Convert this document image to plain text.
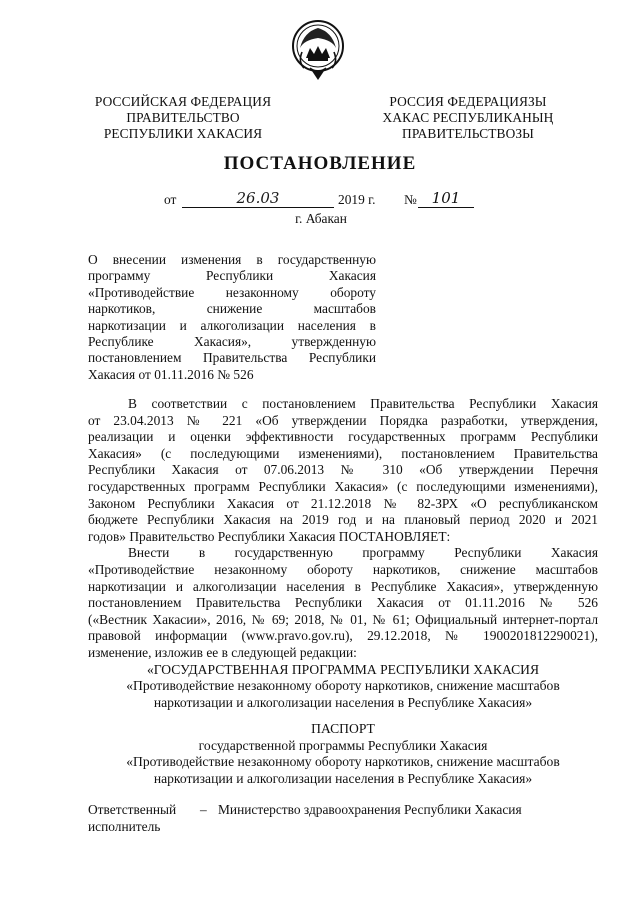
РОССИЙСКАЯ ФЕДЕРАЦИЯ
ПРАВИТЕЛЬСТВО
РЕСПУБЛИКИ ХАКАСИЯ
РОССИЯ ФЕДЕРАЦИЯЗЫ
ХАКАС РЕСПУБЛИКАНЫҢ
ПРАВИТЕЛЬСТВОЗЫ
ПОСТАНОВЛЕНИЕ
от	26.03	2019 г. № 101
г. Абакан
О внесении изменения в государственную
программу Республики Хакасия
«Противодействие незаконному обороту
наркотиков, снижение масштабов
наркотизации и алкоголизации населения в
Республике Хакасия», утвержденную
постановлением Правительства Республики
Хакасия от 01.11.2016 № 526
В соответствии с постановлением Правительства Республики Хакасия
от 23.04.2013 № 221 «Об утверждении Порядка разработки, утверждения,
реализации и оценки эффективности государственных программ Республики
Хакасия» (с последующими изменениями), постановлением Правительства
Республики Хакасия от 07.06.2013 № 310 «Об утверждении Перечня
государственных программ Республики Хакасия» (с последующими изменениями),
Законом Республики Хакасия от 21.12.2018 № 82-ЗРХ «О республиканском
бюджете Республики Хакасия на 2019 год и на плановый период 2020 и 2021
годов» Правительство Республики Хакасия ПОСТАНОВЛЯЕТ:
Внести в государственную программу Республики Хакасия
«Противодействие незаконному обороту наркотиков, снижение масштабов
наркотизации и алкоголизации населения в Республике Хакасия», утвержденную
постановлением Правительства Республики Хакасия от 01.11.2016 № 526
(«Вестник Хакасии», 2016, № 69; 2018, № 01, № 61; Официальный интернет-портал
правовой информации (www.pravo.gov.ru), 29.12.2018, № 1900201812290021),
изменение, изложив ее в следующей редакции:
«ГОСУДАРСТВЕННАЯ ПРОГРАММА РЕСПУБЛИКИ ХАКАСИЯ
«Противодействие незаконному обороту наркотиков, снижение масштабов
наркотизации и алкоголизации населения в Республике Хакасия»
ПАСПОРТ
государственной программы Республики Хакасия
«Противодействие незаконному обороту наркотиков, снижение масштабов
наркотизации и алкоголизации населения в Республике Хакасия»
Ответственный
исполнитель
– Министерство здравоохранения Республики Хакасия
